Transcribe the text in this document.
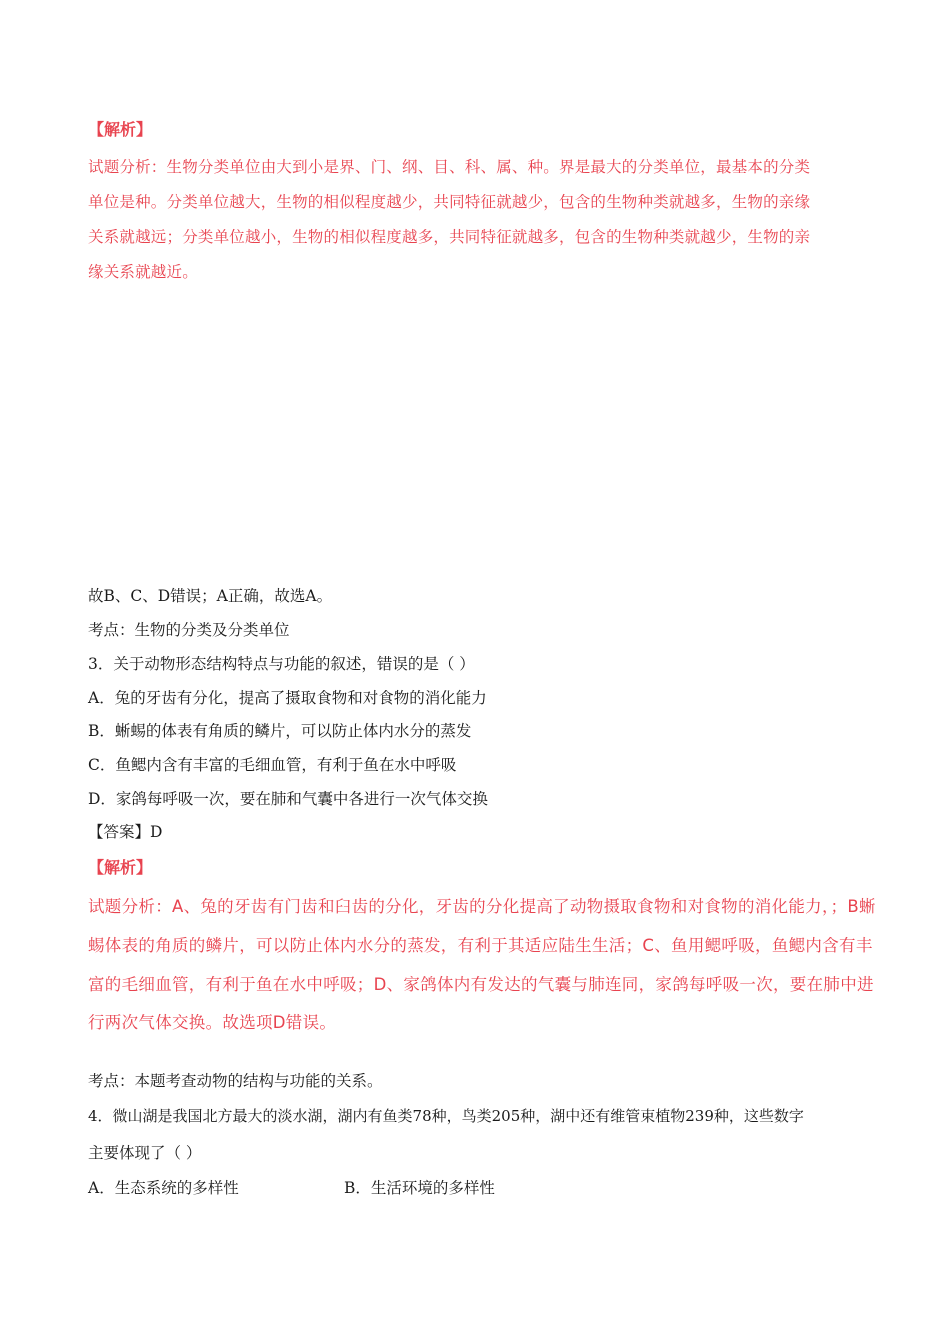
【解析】
试题分析：生物分类单位由大到小是界、门、纲、目、科、属、种。界是最大的分类单位，最基本的分类
单位是种。分类单位越大，生物的相似程度越少，共同特征就越少，包含的生物种类就越多，生物的亲缘
关系就越远；分类单位越小，生物的相似程度越多，共同特征就越多，包含的生物种类就越少，生物的亲
缘关系就越近。
故B、C、D错误；A正确，故选A。
考点：生物的分类及分类单位
3．关于动物形态结构特点与功能的叙述，错误的是（ ）
A．兔的牙齿有分化，提高了摄取食物和对食物的消化能力
B．蜥蜴的体表有角质的鳞片，可以防止体内水分的蒸发
C．鱼鳃内含有丰富的毛细血管，有利于鱼在水中呼吸
D．家鸽每呼吸一次，要在肺和气囊中各进行一次气体交换
【答案】D
【解析】
试题分析：A、兔的牙齿有门齿和臼齿的分化，牙齿的分化提高了动物摄取食物和对食物的消化能力，；B蜥
蜴体表的角质的鳞片，可以防止体内水分的蒸发，有利于其适应陆生生活；C、鱼用鳃呼吸，鱼鳃内含有丰
富的毛细血管，有利于鱼在水中呼吸；D、家鸽体内有发达的气囊与肺连同，家鸽每呼吸一次，要在肺中进
行两次气体交换。故选项D错误。
考点：本题考查动物的结构与功能的关系。
4．微山湖是我国北方最大的淡水湖，湖内有鱼类78种，鸟类205种，湖中还有维管束植物239种，这些数字
主要体现了（ ）
A．生态系统的多样性	B．生活环境的多样性
